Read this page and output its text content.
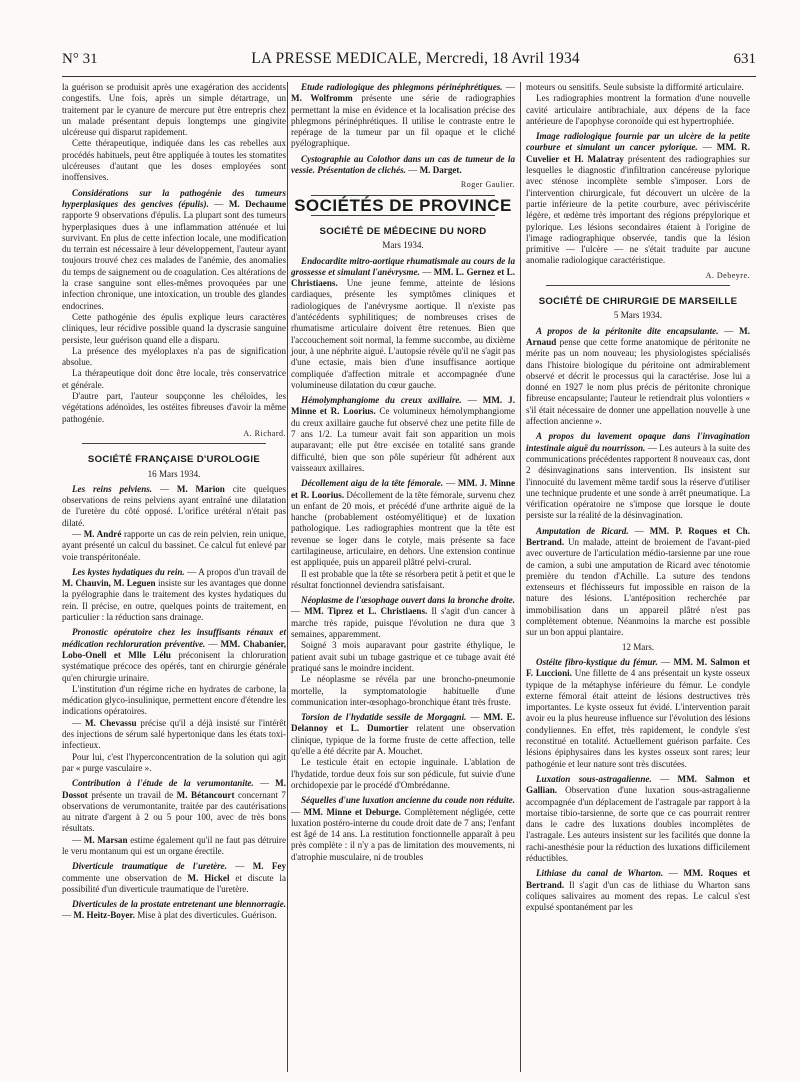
N° 31	LA PRESSE MEDICALE, Mercredi, 18 Avril 1934	631

la guérison se produisit après une exagération des accidents congestifs. Une fois, après un simple détartrage, un traitement par le cyanure de mercure put être entrepris chez un malade présentant depuis longtemps une gingivite ulcéreuse qui disparut rapidement.

Cette thérapeutique, indiquée dans les cas rebelles aux procédés habituels, peut être appliquée à toutes les stomatites ulcéreuses d'autant que les doses employées sont inoffensives.

Considérations sur la pathogénie des tumeurs hyperplasiques des gencives (épulis). — M. Dechaume rapporte 9 observations d'épulis. La plupart sont des tumeurs hyperplasiques dues à une inflammation atténuée et lui survivant. En plus de cette infection locale, une modification du terrain est nécessaire à leur développement, l'auteur ayant toujours trouvé chez ces malades de l'anémie, des anomalies du temps de saignement ou de coagulation. Ces altérations de la crase sanguine sont elles-mêmes provoquées par une infection chronique, une intoxication, un trouble des glandes endocrines.

Cette pathogénie des épulis explique leurs caractères cliniques, leur récidive possible quand la dyscrasie sanguine persiste, leur guérison quand elle a disparu.

La présence des myéloplaxes n'a pas de signification absolue.

La thérapeutique doit donc être locale, très conservatrice et générale.

D'autre part, l'auteur soupçonne les chéloïdes, les végétations adénoïdes, les ostéites fibreuses d'avoir la même pathogénie.

A. Richard.
SOCIÉTÉ FRANÇAISE D'UROLOGIE
16 Mars 1934.

Les reins pelviens. — M. Marion cite quelques observations de reins pelviens ayant entraîné une dilatation de l'uretère du côté opposé. L'orifice urétéral n'était pas dilaté.

— M. André rapporte un cas de rein pelvien, rein unique, ayant présenté un calcul du bassinet. Ce calcul fut enlevé par voie transpéritonéale.

Les kystes hydatiques du rein. — A propos d'un travail de M. Chauvin, M. Leguen insiste sur les avantages que donne la pyélographie dans le traitement des kystes hydatiques du rein. Il précise, en outre, quelques points de traitement, en particulier : la réduction sans drainage.

Pronostic opératoire chez les insuffisants rénaux et médication rechloruration préventive. — MM. Chabanier, Lobo-Onell et Mlle Lélu préconisent la chloruration systématique précoce des opérés, tant en chirurgie générale qu'en chirurgie urinaire.

L'institution d'un régime riche en hydrates de carbone, la médication glyco-insulinique, permettent encore d'étendre les indications opératoires.

— M. Chevassu précise qu'il a déjà insisté sur l'intérêt des injections de sérum salé hypertonique dans les états toxi-infectieux.

Pour lui, c'est l'hyperconcentration de la solution qui agit par « purge vasculaire ».

Contribution à l'étude de la verumontanite. — M. Dossot présente un travail de M. Bétancourt concernant 7 observations de verumontanite, traitée par des cautérisations au nitrate d'argent à 2 ou 5 pour 100, avec de très bons résultats.

— M. Marsan estime également qu'il ne faut pas détruire le veru montanum qui est un organe érectile.

Diverticule traumatique de l'uretère. — M. Fey commente une observation de M. Hickel et discute la possibilité d'un diverticule traumatique de l'uretère.

Diverticules de la prostate entretenant une blennorragie. — M. Heitz-Boyer. Mise à plat des diverticules. Guérison.

Etude radiologique des phlegmons périnéphrétiques. — M. Wolfromm présente une série de radiographies permettant la mise en évidence et la localisation précise des phlegmons périnéphrétiques. Il utilise le contraste entre le repérage de la tumeur par un fil opaque et le cliché pyélographique.

Cystographie au Colothor dans un cas de tumeur de la vessie. Présentation de clichés. — M. Darget.

Roger Gaulier.
SOCIÉTÉS DE PROVINCE
SOCIÉTÉ DE MÉDECINE DU NORD
Mars 1934.

Endocardite mitro-aortique rhumatismale au cours de la grossesse et simulant l'anévrysme. — MM. L. Gernez et L. Christiaens. Une jeune femme, atteinte de lésions cardiaques, présente les symptômes cliniques et radiologiques de l'anévrysme aortique. Il n'existe pas d'antécédents syphilitiques; de nombreuses crises de rhumatisme articulaire doivent être retenues. Bien que l'accouchement soit normal, la femme succombe, au dixième jour, à une néphrite aiguë. L'autopsie révèle qu'il ne s'agit pas d'une ectasie, mais bien d'une insuffisance aortique compliquée d'affection mitrale et accompagnée d'une volumineuse dilatation du cœur gauche.

Hémolymphangiome du creux axillaire. — MM. J. Minne et R. Loorius. Ce volumineux hémolymphangiome du creux axillaire gauche fut observé chez une petite fille de 7 ans 1/2. La tumeur avait fait son apparition un mois auparavant; elle put être excisée en totalité sans grande difficulté, bien que son pôle supérieur fût adhérent aux vaisseaux axillaires.

Décollement aigu de la tête fémorale. — MM. J. Minne et R. Loorius. Décollement de la tête fémorale, survenu chez un enfant de 20 mois, et précédé d'une arthrite aiguë de la hanche (probablement ostéomyélitique) et de luxation pathologique. Les radiographies montrent que la tête est revenue se loger dans le cotyle, mais présente sa face cartilagineuse, articulaire, en dehors. Une extension continue est appliquée, puis un appareil plâtré pelvi-crural.

Il est probable que la tête se résorbera petit à petit et que le résultat fonctionnel deviendra satisfaisant.

Néoplasme de l'œsophage ouvert dans la bronche droite. — MM. Tiprez et L. Christiaens. Il s'agit d'un cancer à marche très rapide, puisque l'évolution ne dura que 3 semaines, apparemment.

Soigné 3 mois auparavant pour gastrite éthylique, le patient avait subi un tubage gastrique et ce tubage avait été pratiqué sans le moindre incident.

Le néoplasme se révéla par une broncho-pneumonie mortelle, la symptomatologie habituelle d'une communication inter-œsophago-bronchique étant très fruste.

Torsion de l'hydatide sessile de Morgagni. — MM. E. Delannoy et L. Dumortier relatent une observation clinique, typique de la forme fruste de cette affection, telle qu'elle a été décrite par A. Mouchet.

Le testicule était en ectopie inguinale. L'ablation de l'hydatide, tordue deux fois sur son pédicule, fut suivie d'une orchidopexie par le procédé d'Ombrédanne.

Séquelles d'une luxation ancienne du coude non réduite. — MM. Minne et Deburge. Complètement négligée, cette luxation postéro-interne du coude droit date de 7 ans; l'enfant est âgé de 14 ans. La restitution fonctionnelle apparaît à peu près complète : il n'y a pas de limitation des mouvements, ni d'atrophie musculaire, ni de troubles

moteurs ou sensitifs. Seule subsiste la difformité articulaire.

Les radiographies montrent la formation d'une nouvelle cavité articulaire antibrachiale, aux dépens de la face antérieure de l'apophyse coronoïde qui est hypertrophiée.

Image radiologique fournie par un ulcère de la petite courbure et simulant un cancer pylorique. — MM. R. Cuvelier et H. Malatray présentent des radiographies sur lesquelles le diagnostic d'infiltration cancéreuse pylorique avec sténose incomplète semble s'imposer. Lors de l'intervention chirurgicale, fut découvert un ulcère de la partie inférieure de la petite courbure, avec périviscérite légère, et œdème très important des régions prépylorique et pylorique. Les lésions secondaires étaient à l'origine de l'image radiographique observée, tandis que la lésion primitive — l'ulcère — ne s'était traduite par aucune anomalie radiologique caractéristique.

A. Debeyre.
SOCIÉTÉ DE CHIRURGIE DE MARSEILLE
5 Mars 1934.

A propos de la péritonite dite encapsulante. — M. Arnaud pense que cette forme anatomique de péritonite ne mérite pas un nom nouveau; les physiologistes spécialisés dans l'histoire biologique du péritoine ont admirablement observé et décrit le processus qui la caractérise. Jose lui a donné en 1927 le nom plus précis de péritonite chronique fibreuse encapsulante; l'auteur le retiendrait plus volontiers « s'il était nécessaire de donner une appellation nouvelle à une affection ancienne ».

A propos du lavement opaque dans l'invagination intestinale aiguë du nourrisson. — Les auteurs à la suite des communications précédentes rapportent 8 nouveaux cas, dont 2 désinvaginations sans intervention. Ils insistent sur l'innocuité du lavement même tardif sous la réserve d'utiliser une technique prudente et une sonde à arrêt pneumatique. La vérification opératoire ne s'impose que lorsque le doute persiste sur la réalité de la désinvagination.

Amputation de Ricard. — MM. P. Roques et Ch. Bertrand. Un malade, atteint de broiement de l'avant-pied avec ouverture de l'articulation médio-tarsienne par une roue de camion, a subi une amputation de Ricard avec ténotomie première du tendon d'Achille. La suture des tendons extenseurs et fléchisseurs fut impossible en raison de la nature des lésions. L'antéposition recherchée par immobilisation dans un appareil plâtré n'est pas complètement obtenue. Néanmoins la marche est possible sur un bon appui plantaire.

12 Mars.

Ostéite fibro-kystique du fémur. — MM. M. Salmon et F. Luccioni. Une fillette de 4 ans présentait un kyste osseux typique de la métaphyse inférieure du fémur. Le condyle externe fémoral était atteint de lésions destructives très importantes. Le kyste osseux fut évidé. L'intervention parait avoir eu la plus heureuse influence sur l'évolution des lésions condyliennes. En effet, très rapidement, le condyle s'est reconstitué en totalité. Actuellement guérison parfaite. Ces lésions épiphysaires dans les kystes osseux sont rares; leur pathogénie et leur nature sont très discutées.

Luxation sous-astragalienne. — MM. Salmon et Gallian. Observation d'une luxation sous-astragalienne accompagnée d'un déplacement de l'astragale par rapport à la mortaise tibio-tarsienne, de sorte que ce cas pourrait rentrer dans le cadre des luxations doubles incomplètes de l'astragale. Les auteurs insistent sur les facilités que donne la rachi-anesthésie pour la réduction des luxations difficilement réductibles.

Lithiase du canal de Wharton. — MM. Roques et Bertrand. Il s'agit d'un cas de lithiase du Wharton sans coliques salivaires au moment des repas. Le calcul s'est expulsé spontanément par les
